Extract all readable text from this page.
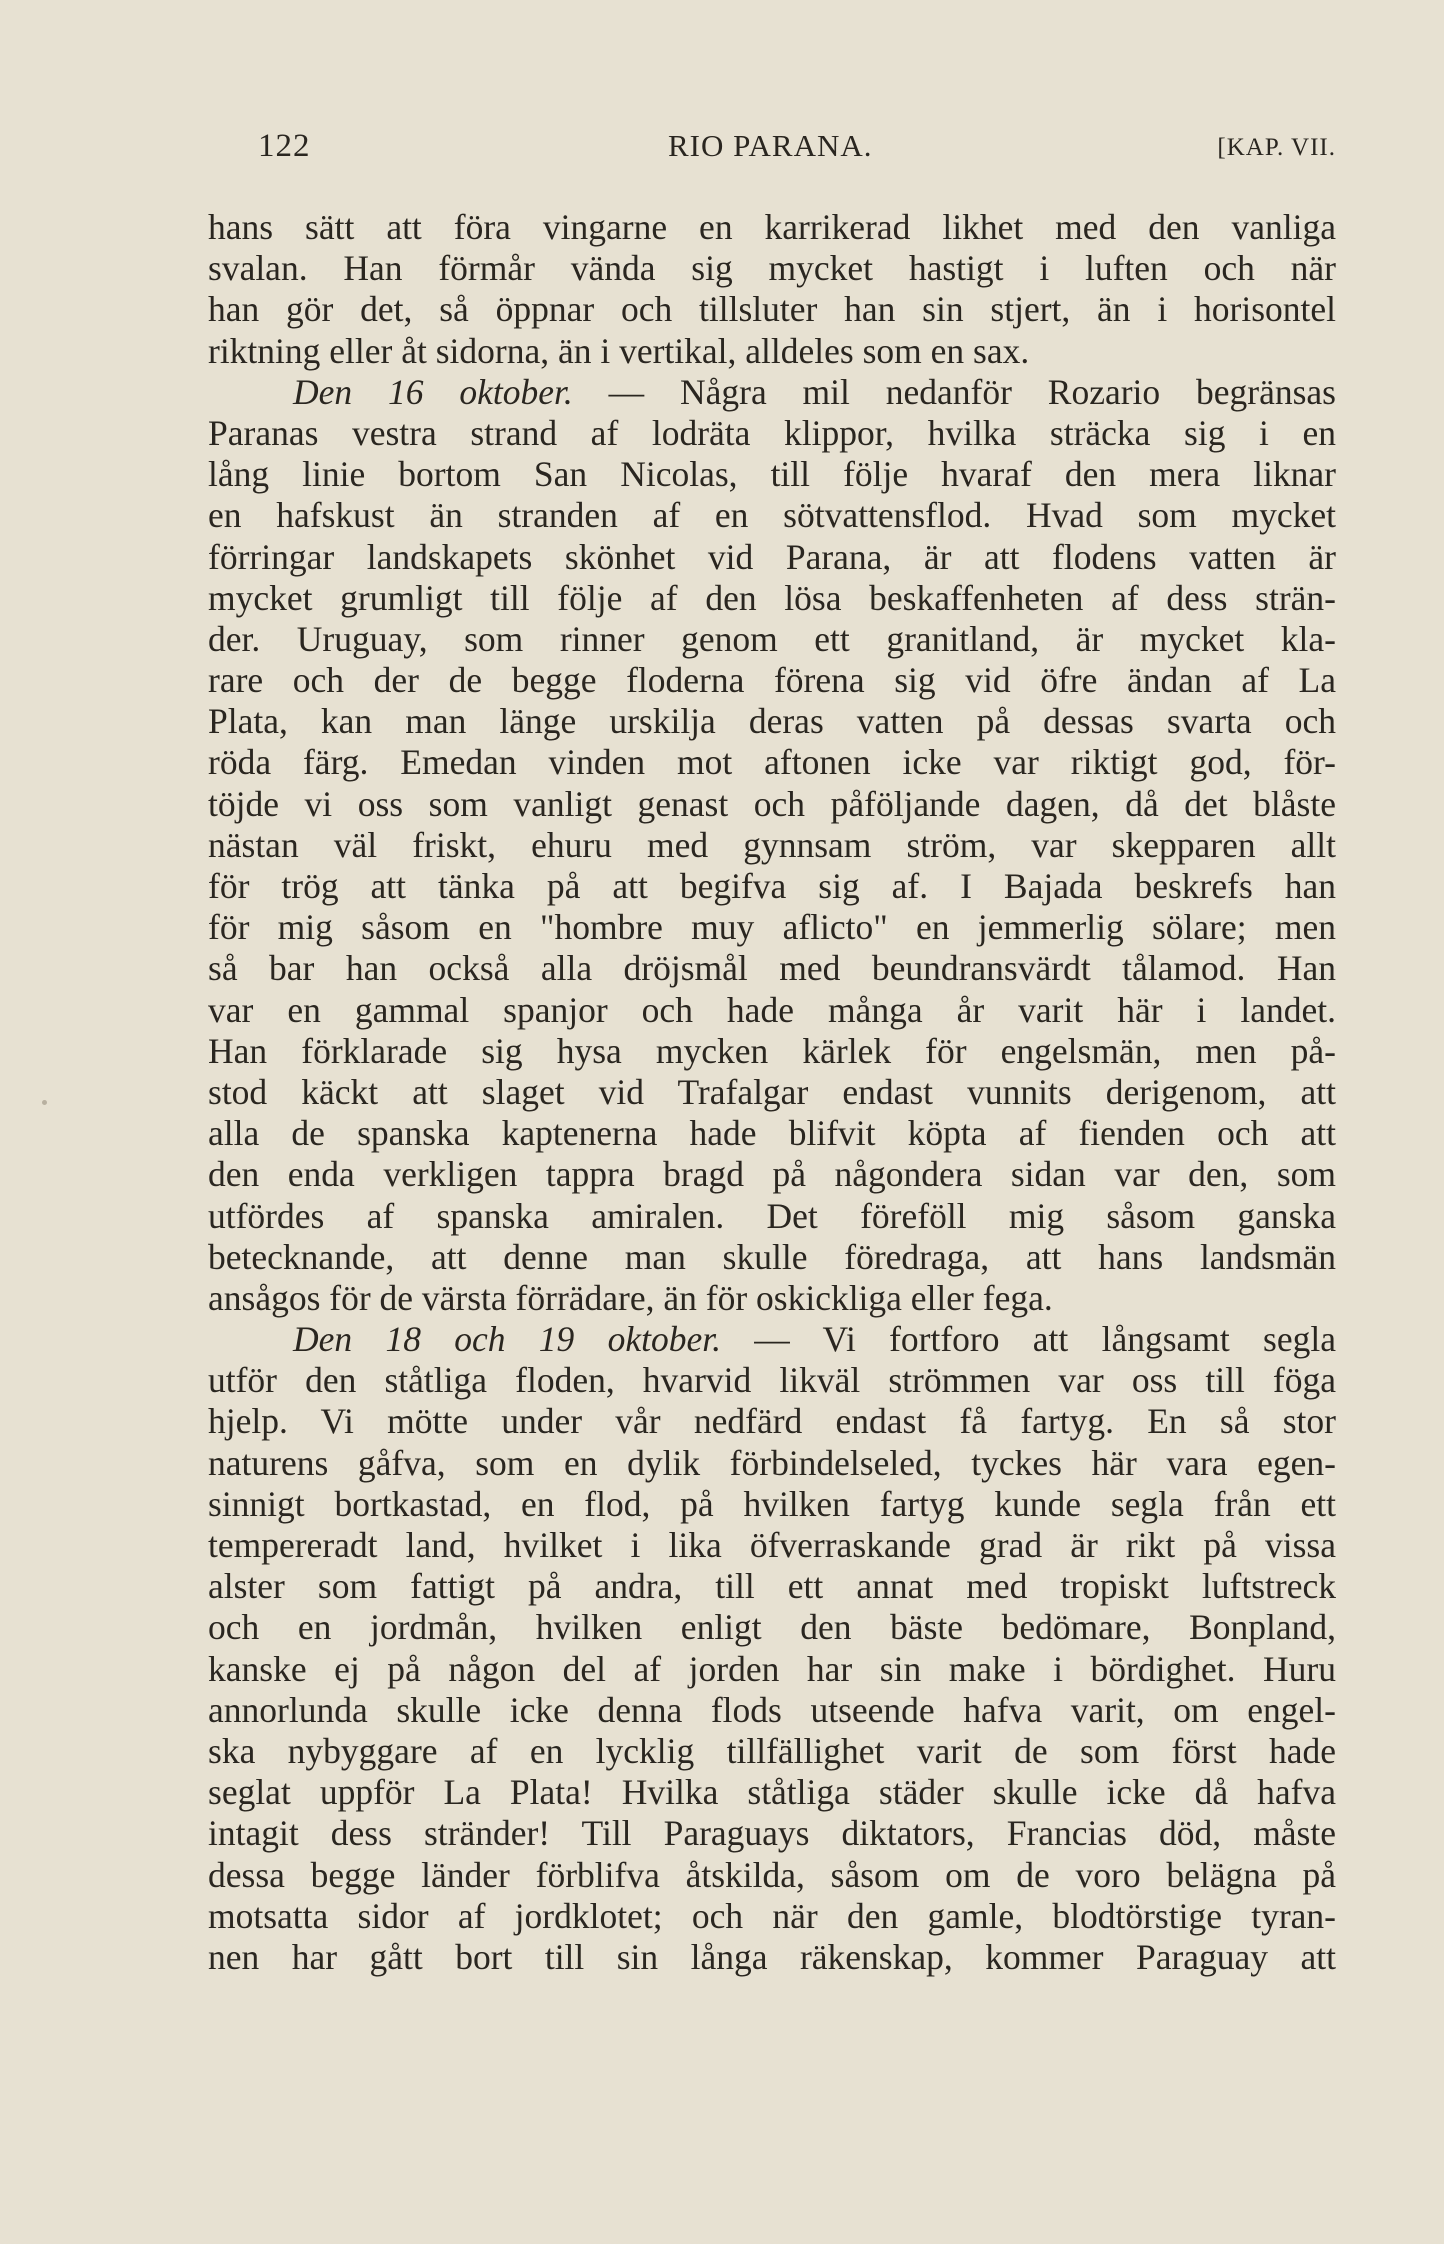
122	RIO PARANA.	[KAP. VII.
hans sätt att föra vingarne en karrikerad likhet med den vanliga
svalan. Han förmår vända sig mycket hastigt i luften och när
han gör det, så öppnar och tillsluter han sin stjert, än i horisontel
riktning eller åt sidorna, än i vertikal, alldeles som en sax.
Den 16 oktober. — Några mil nedanför Rozario begränsas
Paranas vestra strand af lodräta klippor, hvilka sträcka sig i en
lång linie bortom San Nicolas, till följe hvaraf den mera liknar
en hafskust än stranden af en sötvattensflod. Hvad som mycket
förringar landskapets skönhet vid Parana, är att flodens vatten är
mycket grumligt till följe af den lösa beskaffenheten af dess strän-
der. Uruguay, som rinner genom ett granitland, är mycket kla-
rare och der de begge floderna förena sig vid öfre ändan af La
Plata, kan man länge urskilja deras vatten på dessas svarta och
röda färg. Emedan vinden mot aftonen icke var riktigt god, för-
töjde vi oss som vanligt genast och påföljande dagen, då det blåste
nästan väl friskt, ehuru med gynnsam ström, var skepparen allt
för trög att tänka på att begifva sig af. I Bajada beskrefs han
för mig såsom en "hombre muy aflicto" en jemmerlig sölare; men
så bar han också alla dröjsmål med beundransvärdt tålamod. Han
var en gammal spanjor och hade många år varit här i landet.
Han förklarade sig hysa mycken kärlek för engelsmän, men på-
stod käckt att slaget vid Trafalgar endast vunnits derigenom, att
alla de spanska kaptenerna hade blifvit köpta af fienden och att
den enda verkligen tappra bragd på någondera sidan var den, som
utfördes af spanska amiralen. Det föreföll mig såsom ganska
betecknande, att denne man skulle föredraga, att hans landsmän
ansågos för de värsta förrädare, än för oskickliga eller fega.
Den 18 och 19 oktober. — Vi fortforo att långsamt segla
utför den ståtliga floden, hvarvid likväl strömmen var oss till föga
hjelp. Vi mötte under vår nedfärd endast få fartyg. En så stor
naturens gåfva, som en dylik förbindelseled, tyckes här vara egen-
sinnigt bortkastad, en flod, på hvilken fartyg kunde segla från ett
tempereradt land, hvilket i lika öfverraskande grad är rikt på vissa
alster som fattigt på andra, till ett annat med tropiskt luftstreck
och en jordmån, hvilken enligt den bäste bedömare, Bonpland,
kanske ej på någon del af jorden har sin make i bördighet. Huru
annorlunda skulle icke denna flods utseende hafva varit, om engel-
ska nybyggare af en lycklig tillfällighet varit de som först hade
seglat uppför La Plata! Hvilka ståtliga städer skulle icke då hafva
intagit dess stränder! Till Paraguays diktators, Francias död, måste
dessa begge länder förblifva åtskilda, såsom om de voro belägna på
motsatta sidor af jordklotet; och när den gamle, blodtörstige tyran-
nen har gått bort till sin långa räkenskap, kommer Paraguay att
